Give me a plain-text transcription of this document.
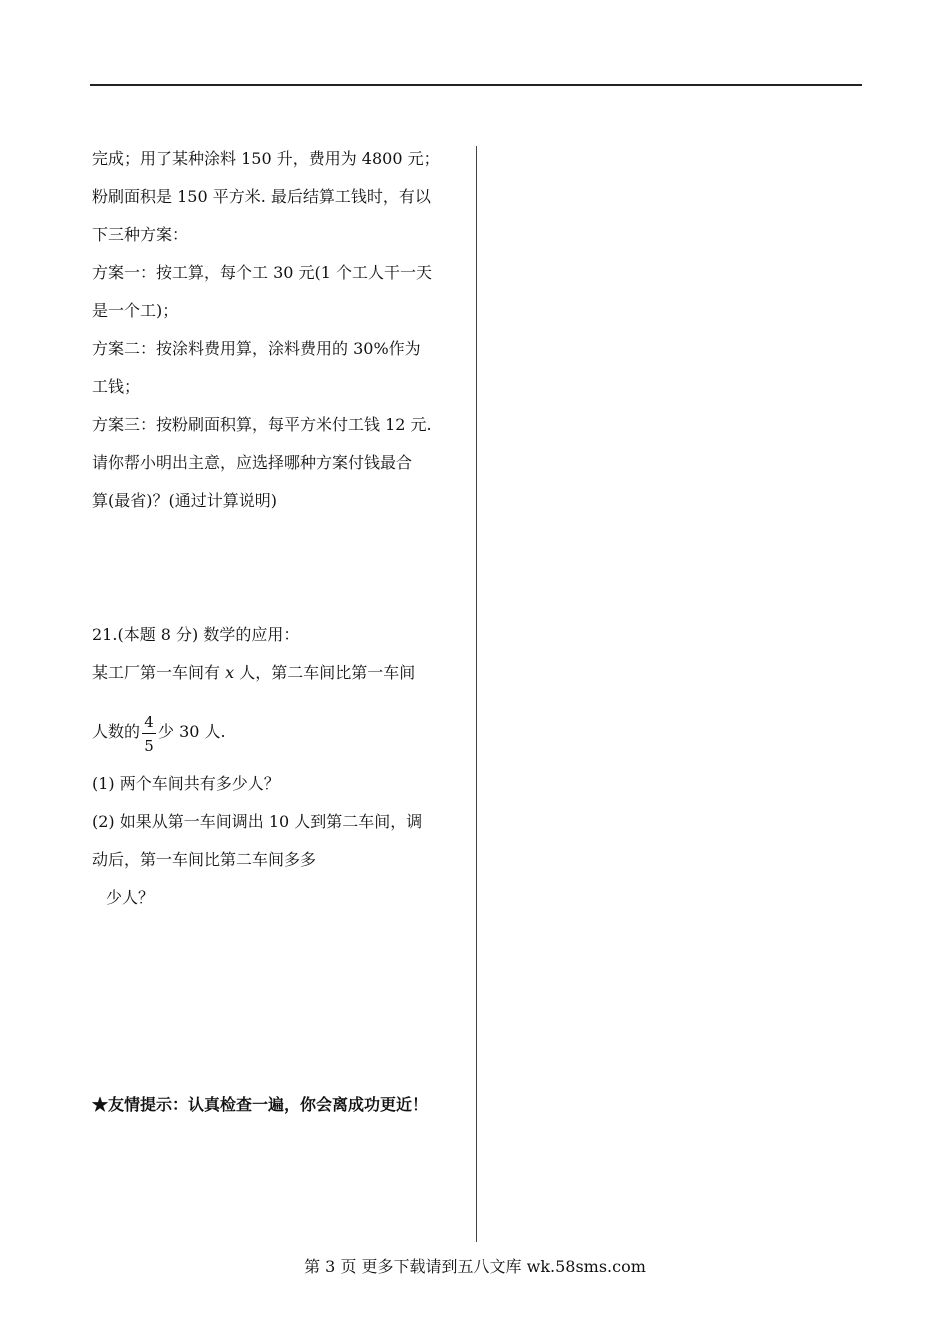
完成；用了某种涂料 150 升，费用为 4800 元；
粉刷面积是 150 平方米. 最后结算工钱时，有以
下三种方案：
方案一：按工算，每个工 30 元(1 个工人干一天
是一个工)；
方案二：按涂料费用算，涂料费用的 30%作为
工钱；
方案三：按粉刷面积算，每平方米付工钱 12 元.
请你帮小明出主意，应选择哪种方案付钱最合
算(最省)？(通过计算说明)
21.(本题 8 分) 数学的应用：
某工厂第一车间有 x 人，第二车间比第一车间
人数的 4
5
少 30 人.
(1) 两个车间共有多少人？
(2) 如果从第一车间调出 10 人到第二车间，调
动后，第一车间比第二车间多多
少人？
★友情提示：认真检查一遍，你会离成功更近！
第 3 页 更多下载请到五八文库 wk.58sms.com
